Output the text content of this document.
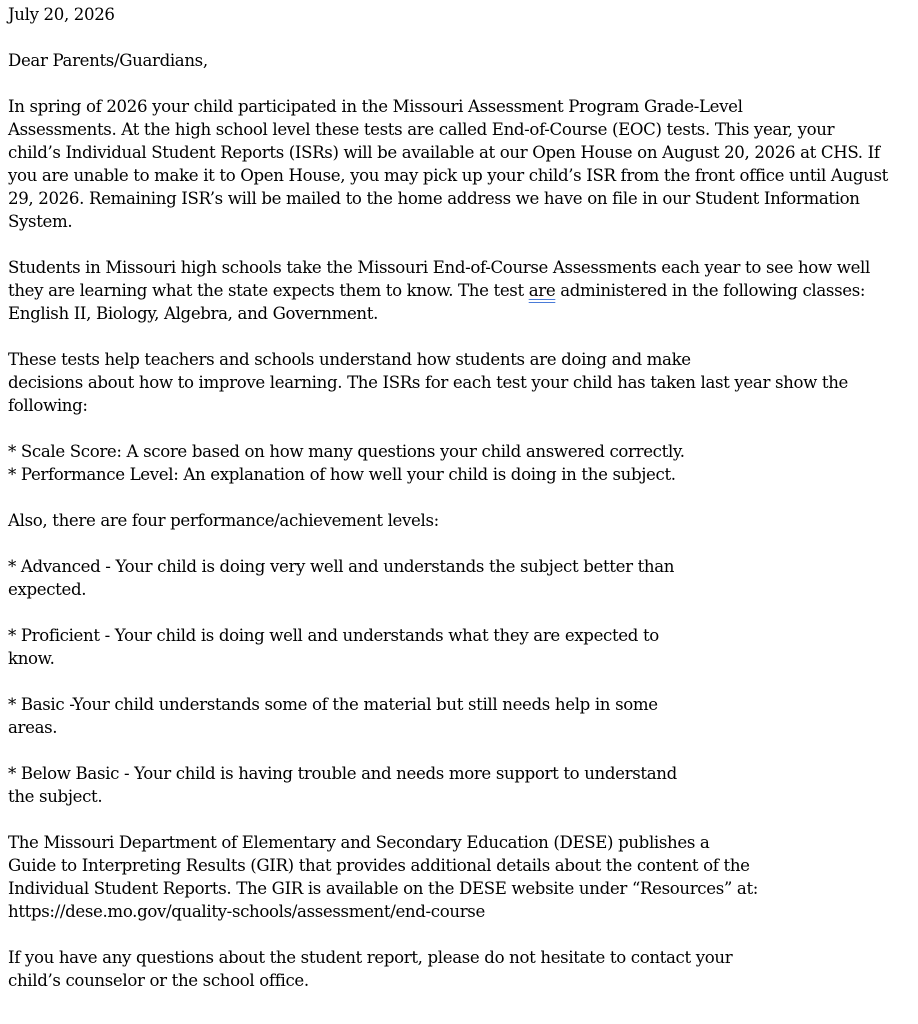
July 20, 2026
Dear Parents/Guardians,
In spring of 2026 your child participated in the Missouri Assessment Program Grade-Level
Assessments. At the high school level these tests are called End-of-Course (EOC) tests. This year, your
child’s Individual Student Reports (ISRs) will be available at our Open House on August 20, 2026 at CHS. If
you are unable to make it to Open House, you may pick up your child’s ISR from the front office until August
29, 2026. Remaining ISR’s will be mailed to the home address we have on file in our Student Information
System.
Students in Missouri high schools take the Missouri End-of-Course Assessments each year to see how well
they are learning what the state expects them to know. The test are administered in the following classes:
English II, Biology, Algebra, and Government.
These tests help teachers and schools understand how students are doing and make
decisions about how to improve learning. The ISRs for each test your child has taken last year show the
following:
* Scale Score: A score based on how many questions your child answered correctly.
* Performance Level: An explanation of how well your child is doing in the subject.
Also, there are four performance/achievement levels:
* Advanced - Your child is doing very well and understands the subject better than
expected.
* Proficient - Your child is doing well and understands what they are expected to
know.
* Basic -Your child understands some of the material but still needs help in some
areas.
* Below Basic - Your child is having trouble and needs more support to understand
the subject.
The Missouri Department of Elementary and Secondary Education (DESE) publishes a
Guide to Interpreting Results (GIR) that provides additional details about the content of the
Individual Student Reports. The GIR is available on the DESE website under “Resources” at:
https://dese.mo.gov/quality-schools/assessment/end-course
If you have any questions about the student report, please do not hesitate to contact your
child’s counselor or the school office.
